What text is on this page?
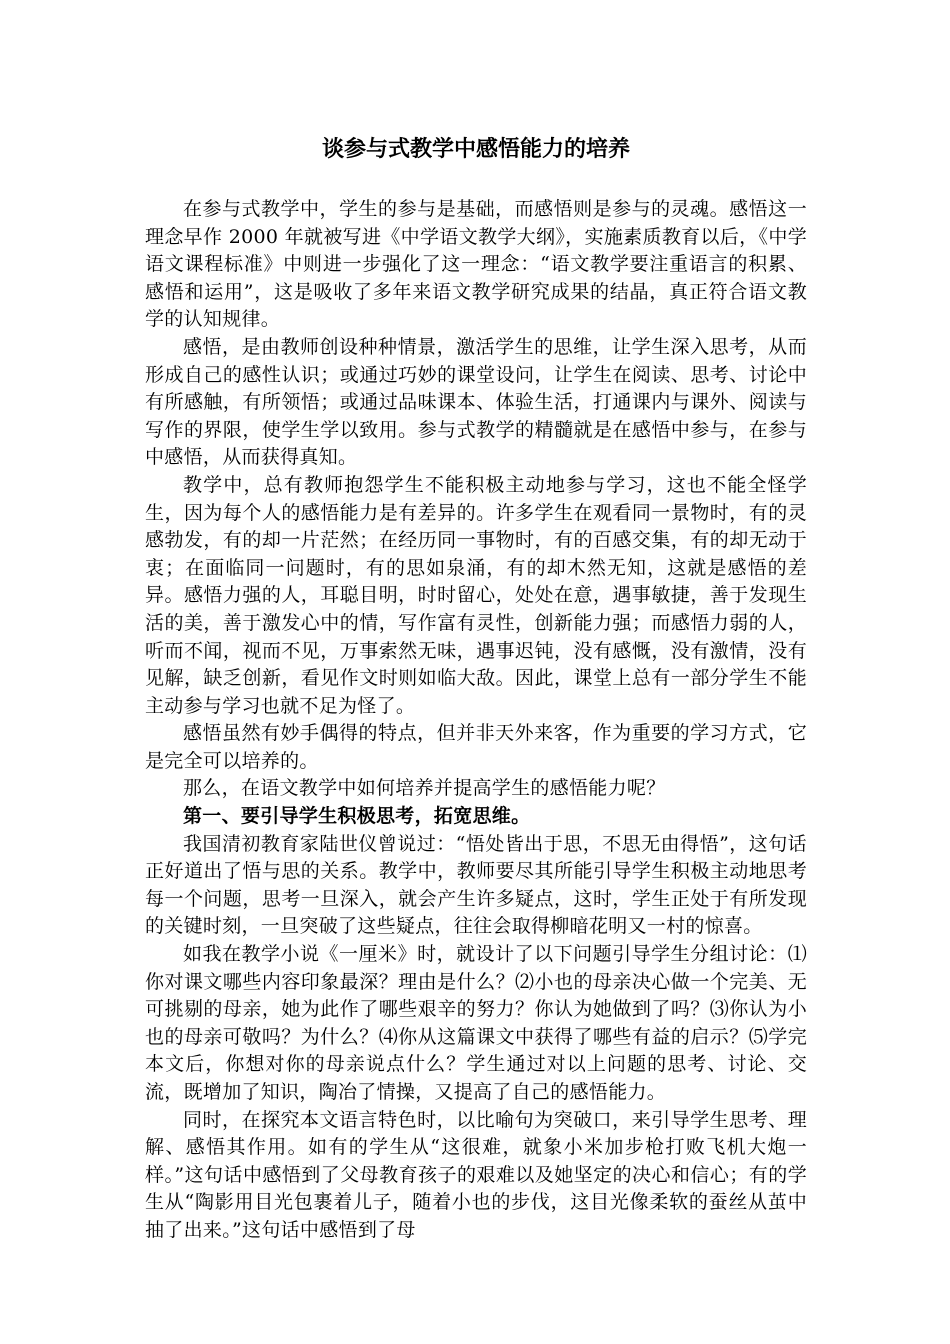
谈参与式教学中感悟能力的培养

在参与式教学中，学生的参与是基础，而感悟则是参与的灵魂。感悟这一理念早作 2000 年就被写进《中学语文教学大纲》，实施素质教育以后，《中学语文课程标准》中则进一步强化了这一理念：“语文教学要注重语言的积累、感悟和运用”，这是吸收了多年来语文教学研究成果的结晶，真正符合语文教学的认知规律。

感悟，是由教师创设种种情景，激活学生的思维，让学生深入思考，从而形成自己的感性认识；或通过巧妙的课堂设问，让学生在阅读、思考、讨论中有所感触，有所领悟；或通过品味课本、体验生活，打通课内与课外、阅读与写作的界限，使学生学以致用。参与式教学的精髓就是在感悟中参与，在参与中感悟，从而获得真知。

教学中，总有教师抱怨学生不能积极主动地参与学习，这也不能全怪学生，因为每个人的感悟能力是有差异的。许多学生在观看同一景物时，有的灵感勃发，有的却一片茫然；在经历同一事物时，有的百感交集，有的却无动于衷；在面临同一问题时，有的思如泉涌，有的却木然无知，这就是感悟的差异。感悟力强的人，耳聪目明，时时留心，处处在意，遇事敏捷，善于发现生活的美，善于激发心中的情，写作富有灵性，创新能力强；而感悟力弱的人，听而不闻，视而不见，万事索然无味，遇事迟钝，没有感慨，没有激情，没有见解，缺乏创新，看见作文时则如临大敌。因此，课堂上总有一部分学生不能主动参与学习也就不足为怪了。

感悟虽然有妙手偶得的特点，但并非天外来客，作为重要的学习方式，它是完全可以培养的。

那么，在语文教学中如何培养并提高学生的感悟能力呢？

第一、要引导学生积极思考，拓宽思维。

我国清初教育家陆世仪曾说过：“悟处皆出于思，不思无由得悟”，这句话正好道出了悟与思的关系。教学中，教师要尽其所能引导学生积极主动地思考每一个问题，思考一旦深入，就会产生许多疑点，这时，学生正处于有所发现的关键时刻，一旦突破了这些疑点，往往会取得柳暗花明又一村的惊喜。

如我在教学小说《一厘米》时，就设计了以下问题引导学生分组讨论：⑴你对课文哪些内容印象最深？理由是什么？⑵小也的母亲决心做一个完美、无可挑剔的母亲，她为此作了哪些艰辛的努力？你认为她做到了吗？⑶你认为小也的母亲可敬吗？为什么？⑷你从这篇课文中获得了哪些有益的启示？⑸学完本文后，你想对你的母亲说点什么？学生通过对以上问题的思考、讨论、交流，既增加了知识，陶冶了情操，又提高了自己的感悟能力。

同时，在探究本文语言特色时，以比喻句为突破口，来引导学生思考、理解、感悟其作用。如有的学生从“这很难，就象小米加步枪打败飞机大炮一样。”这句话中感悟到了父母教育孩子的艰难以及她坚定的决心和信心；有的学生从“陶影用目光包裹着儿子，随着小也的步伐，这目光像柔软的蚕丝从茧中抽了出来。”这句话中感悟到了母
